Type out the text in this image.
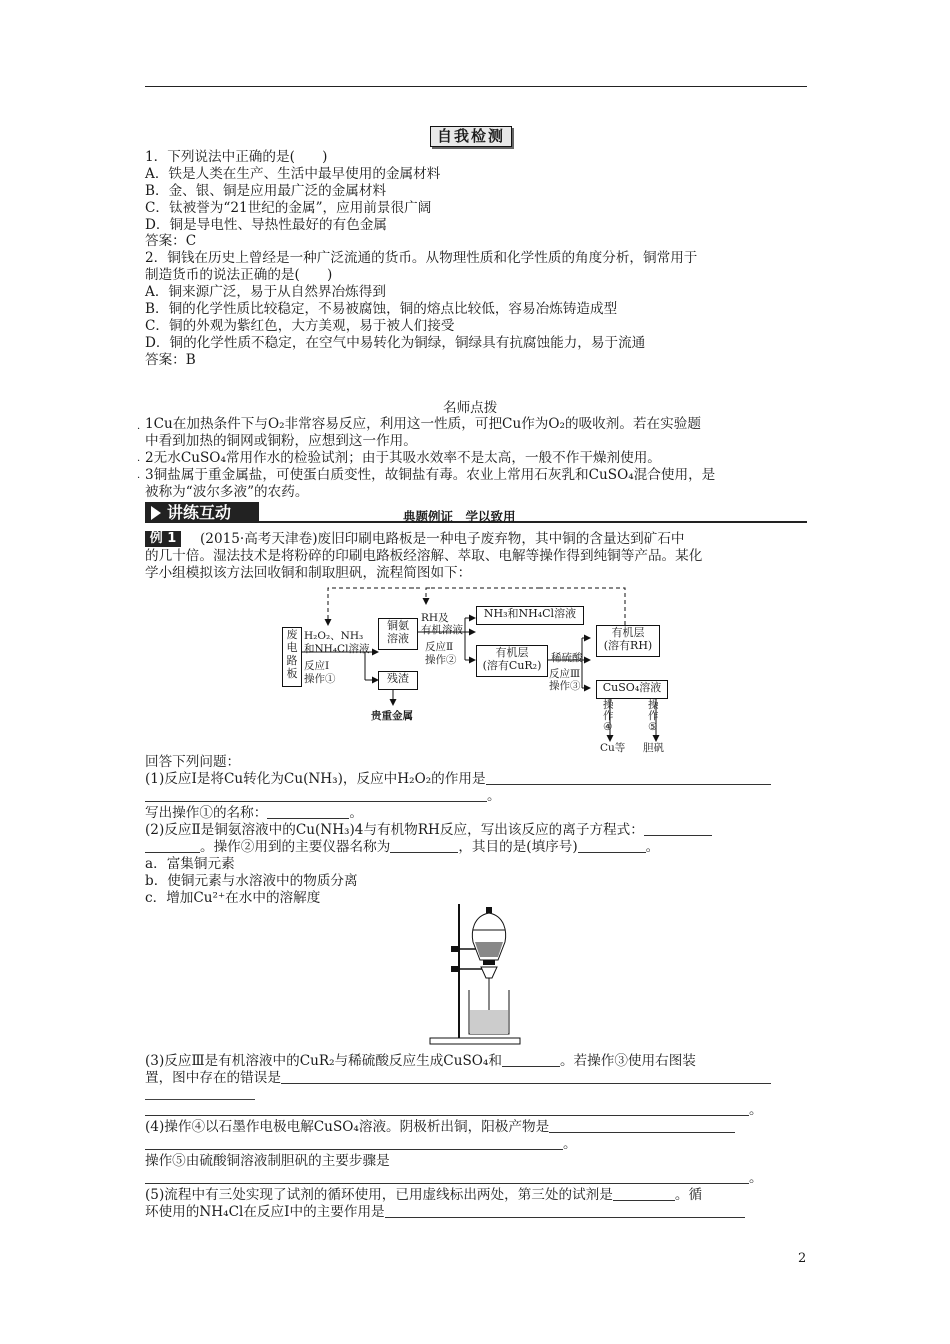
自我检测
1．下列说法中正确的是(　　)
A．铁是人类在生产、生活中最早使用的金属材料
B．金、银、铜是应用最广泛的金属材料
C．钛被誉为“21世纪的金属”，应用前景很广阔
D．铜是导电性、导热性最好的有色金属
答案：C
2．铜钱在历史上曾经是一种广泛流通的货币。从物理性质和化学性质的角度分析，铜常用于
制造货币的说法正确的是(　　)
A．铜来源广泛，易于从自然界冶炼得到
B．铜的化学性质比较稳定，不易被腐蚀，铜的熔点比较低，容易冶炼铸造成型
C．铜的外观为紫红色，大方美观，易于被人们接受
D．铜的化学性质不稳定，在空气中易转化为铜绿，铜绿具有抗腐蚀能力，易于流通
答案：B
名师点拨
· 1Cu在加热条件下与O₂非常容易反应，利用这一性质，可把Cu作为O₂的吸收剂。若在实验题
中看到加热的铜网或铜粉，应想到这一作用。
· 2无水CuSO₄常用作水的检验试剂；由于其吸水效率不是太高，一般不作干燥剂使用。
· 3铜盐属于重金属盐，可使蛋白质变性，故铜盐有毒。农业上常用石灰乳和CuSO₄混合使用，是
被称为“波尔多液”的农药。
讲练互动	典题例证　学以致用
例 1	(2015·高考天津卷)废旧印刷电路板是一种电子废弃物，其中铜的含量达到矿石中
的几十倍。湿法技术是将粉碎的印刷电路板经溶解、萃取、电解等操作得到纯铜等产品。某化
学小组模拟该方法回收铜和制取胆矾，流程简图如下：
废
电
路
板
H₂O₂、NH₃
和NH₄Cl溶液
反应Ⅰ
操作①
铜氨
溶液
残渣
贵重金属
RH及
有机溶液
反应Ⅱ
操作②
NH₃和NH₄Cl溶液
有机层
(溶有CuR₂)
稀硫酸
反应Ⅲ
操作③
有机层
(溶有RH)
CuSO₄溶液
操
作
④
操
作
⑤
Cu等 胆矾
回答下列问题：
(1)反应Ⅰ是将Cu转化为Cu(NH₃)，反应中H₂O₂的作用是
。
写出操作①的名称：	。
(2)反应Ⅱ是铜氨溶液中的Cu(NH₃)4与有机物RH反应，写出该反应的离子方程式：
。操作②用到的主要仪器名称为	，其目的是(填序号)	。
a．富集铜元素
b．使铜元素与水溶液中的物质分离
c．增加Cu²⁺在水中的溶解度
(3)反应Ⅲ是有机溶液中的CuR₂与稀硫酸反应生成CuSO₄和	。若操作③使用右图装
置，图中存在的错误是
。
(4)操作④以石墨作电极电解CuSO₄溶液。阴极析出铜，阳极产物是
。
操作⑤由硫酸铜溶液制胆矾的主要步骤是
。
(5)流程中有三处实现了试剂的循环使用，已用虚线标出两处，第三处的试剂是	。循
环使用的NH₄Cl在反应Ⅰ中的主要作用是
2
